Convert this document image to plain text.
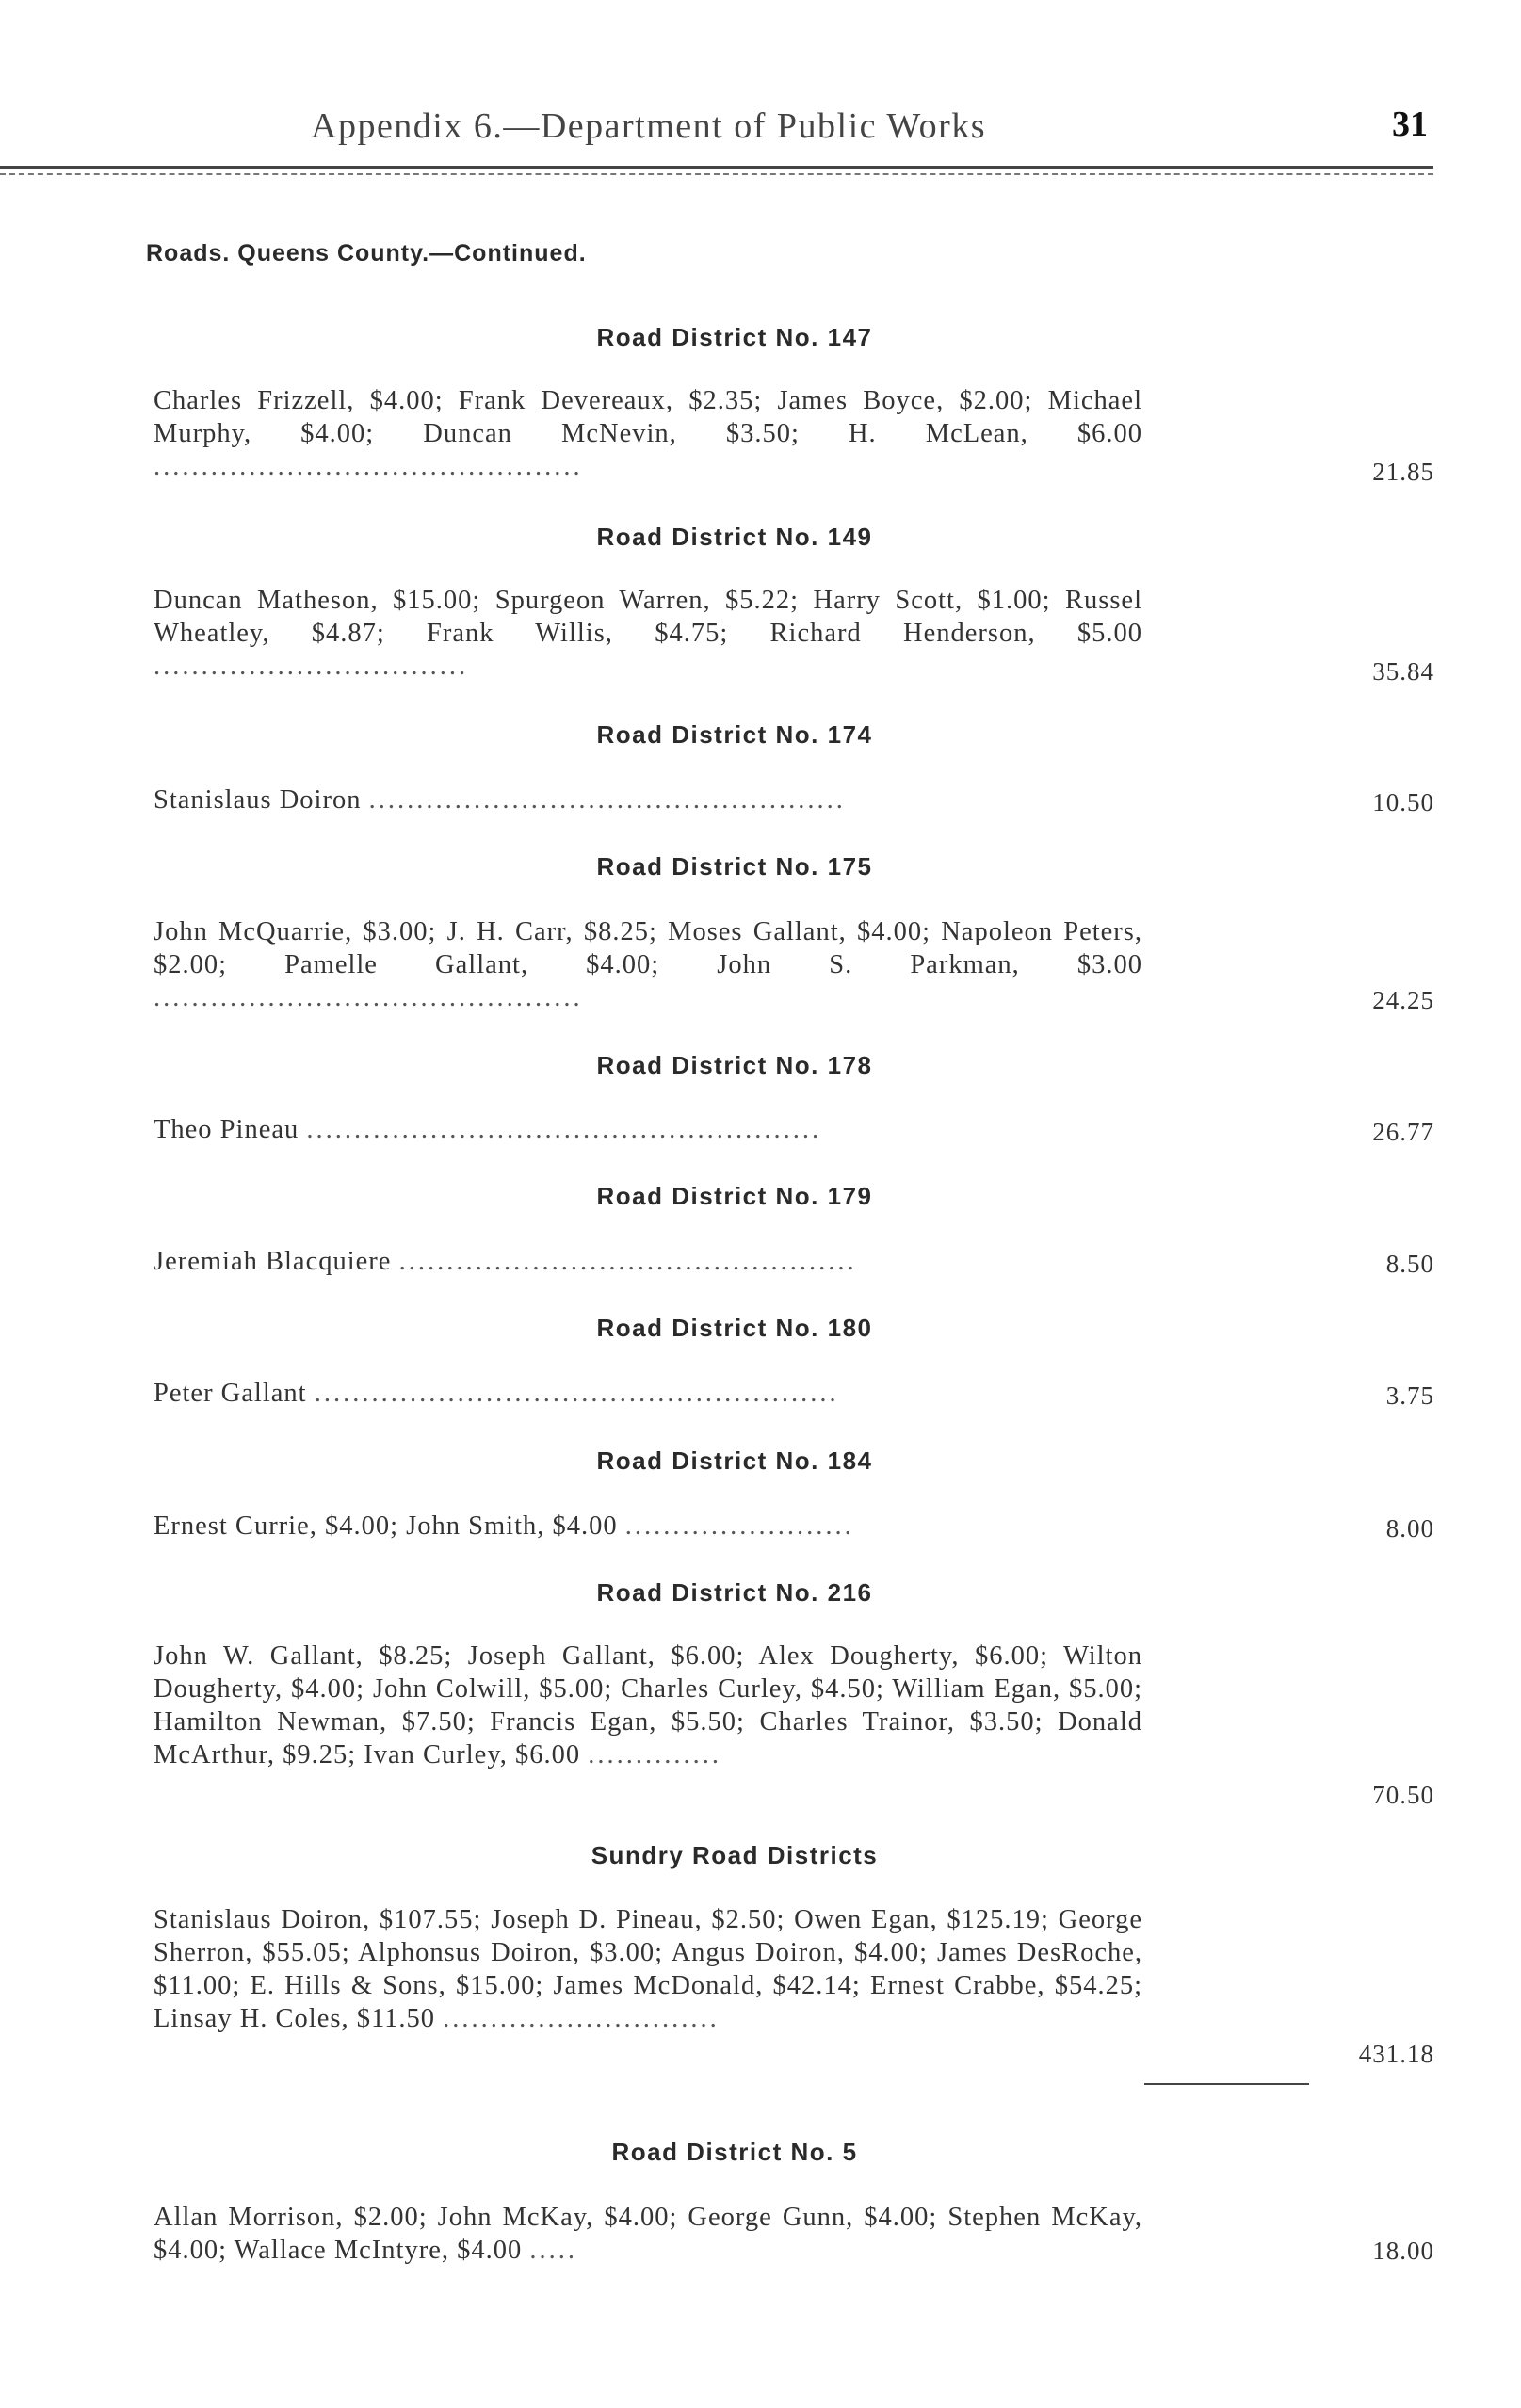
Appendix 6.—Department of Public Works	31
Roads. Queens County.—Continued.
Road District No. 147
Charles Frizzell, $4.00; Frank Devereaux, $2.35; James Boyce, $2.00; Michael Murphy, $4.00; Duncan McNevin, $3.50; H. McLean, $6.00 .............................................	21.85
Road District No. 149
Duncan Matheson, $15.00; Spurgeon Warren, $5.22; Harry Scott, $1.00; Russel Wheatley, $4.87; Frank Willis, $4.75; Richard Henderson, $5.00 .................................	35.84
Road District No. 174
Stanislaus Doiron ..................................................	10.50
Road District No. 175
John McQuarrie, $3.00; J. H. Carr, $8.25; Moses Gallant, $4.00; Napoleon Peters, $2.00; Pamelle Gallant, $4.00; John S. Parkman, $3.00 .............................................	24.25
Road District No. 178
Theo Pineau ......................................................	26.77
Road District No. 179
Jeremiah Blacquiere ................................................	8.50
Road District No. 180
Peter Gallant .......................................................	3.75
Road District No. 184
Ernest Currie, $4.00; John Smith, $4.00 ........................	8.00
Road District No. 216
John W. Gallant, $8.25; Joseph Gallant, $6.00; Alex Dougherty, $6.00; Wilton Dougherty, $4.00; John Colwill, $5.00; Charles Curley, $4.50; William Egan, $5.00; Hamilton Newman, $7.50; Francis Egan, $5.50; Charles Trainor, $3.50; Donald McArthur, $9.25; Ivan Curley, $6.00 ..............
70.50
Sundry Road Districts
Stanislaus Doiron, $107.55; Joseph D. Pineau, $2.50; Owen Egan, $125.19; George Sherron, $55.05; Alphonsus Doiron, $3.00; Angus Doiron, $4.00; James DesRoche, $11.00; E. Hills & Sons, $15.00; James McDonald, $42.14; Ernest Crabbe, $54.25; Linsay H. Coles, $11.50 .............................
431.18
Road District No. 5
Allan Morrison, $2.00; John McKay, $4.00; George Gunn, $4.00; Stephen McKay, $4.00; Wallace McIntyre, $4.00 .....	18.00
